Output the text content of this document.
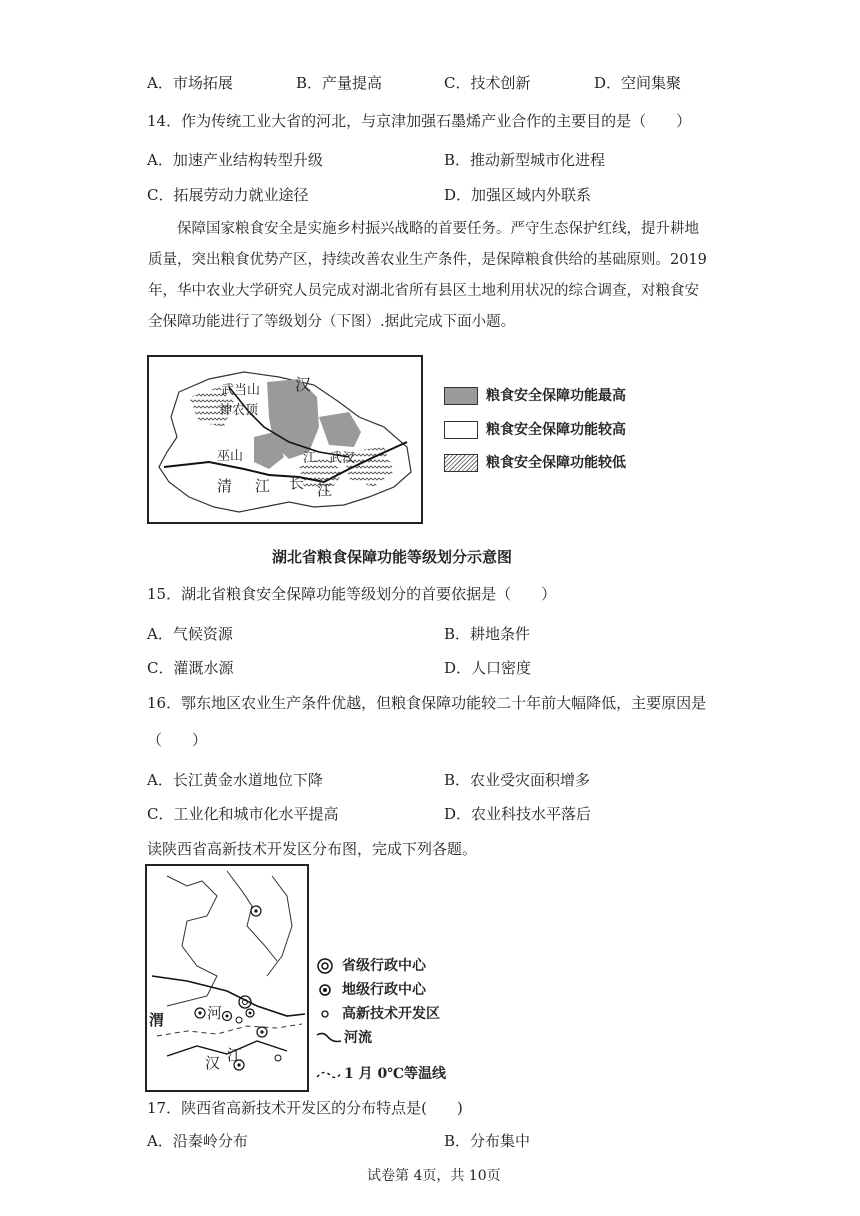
A．市场拓展	B．产量提高	C．技术创新	D．空间集聚
14．作为传统工业大省的河北，与京津加强石墨烯产业合作的主要目的是（　　）
A．加速产业结构转型升级	B．推动新型城市化进程
C．拓展劳动力就业途径	D．加强区域内外联系
　　保障国家粮食安全是实施乡村振兴战略的首要任务。严守生态保护红线，提升耕地
质量，突出粮食优势产区，持续改善农业生产条件，是保障粮食供给的基础原则。2019
年，华中农业大学研究人员完成对湖北省所有县区土地利用状况的综合调查，对粮食安
全保障功能进行了等级划分（下图）.据此完成下面小题。
武当山
神农顶
汉
巫山	江 武汉
清 江 长 江
粮食安全保障功能最高
粮食安全保障功能较高
粮食安全保障功能较低
湖北省粮食保障功能等级划分示意图
15．湖北省粮食安全保障功能等级划分的首要依据是（　　）
A．气候资源	B．耕地条件
C．灌溉水源	D．人口密度
16．鄂东地区农业生产条件优越，但粮食保障功能较二十年前大幅降低，主要原因是
（　　）
A．长江黄金水道地位下降	B．农业受灾面积增多
C．工业化和城市化水平提高	D．农业科技水平落后
读陕西省高新技术开发区分布图，完成下列各题。
渭	河
汉 江
省级行政中心
地级行政中心
高新技术开发区
河流
1 月 0℃等温线
17．陕西省高新技术开发区的分布特点是(　　)
A．沿秦岭分布	B．分布集中
试卷第 4页，共 10页
